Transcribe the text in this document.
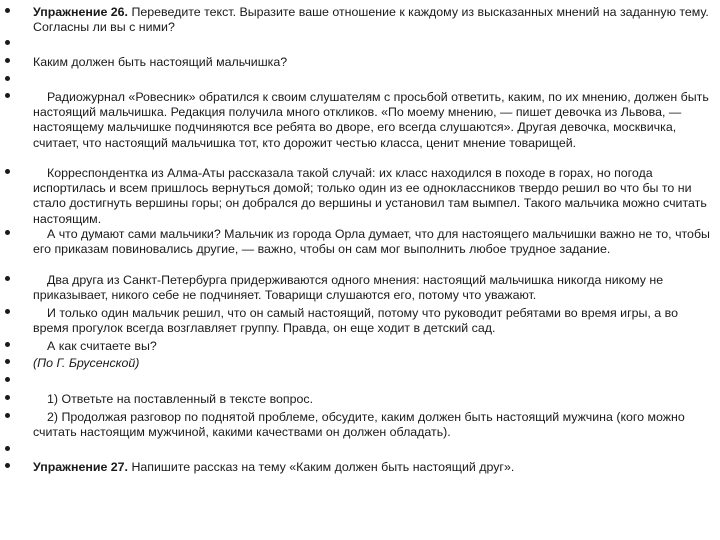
Упражнение 26. Переведите текст. Выразите ваше отношение к каждому из высказанных мнений на заданную тему. Согласны ли вы с ними?

Каким должен быть настоящий мальчишка?

Радиожурнал «Ровесник» обратился к своим слушателям с просьбой ответить, каким, по их мнению, должен быть настоящий мальчишка. Редакция получила много откликов. «По моему мнению, — пишет девочка из Львова, — настоящему мальчишке подчиняются все ребята во дворе, его всегда слушаются». Другая девочка, москвичка, считает, что настоящий мальчишка тот, кто дорожит честью класса, ценит мнение товарищей.

Корреспондентка из Алма-Аты рассказала такой случай: их класс находился в походе в горах, но погода испортилась и всем пришлось вернуться домой; только один из ее одноклассников твердо решил во что бы то ни стало достигнуть вершины горы; он добрался до вершины и установил там вымпел. Такого мальчика можно считать настоящим.

А что думают сами мальчики? Мальчик из города Орла думает, что для настоящего мальчишки важно не то, чтобы его приказам повиновались другие, — важно, чтобы он сам мог выполнить любое трудное задание.

Два друга из Санкт-Петербурга придерживаются одного мнения: настоящий мальчишка никогда никому не приказывает, никого себе не подчиняет. Товарищи слушаются его, потому что уважают.

И только один мальчик решил, что он самый настоящий, потому что руководит ребятами во время игры, а во время прогулок всегда возглавляет группу. Правда, он еще ходит в детский сад.

А как считаете вы?

(По Г. Брусенской)

1) Ответьте на поставленный в тексте вопрос.

2) Продолжая разговор по поднятой проблеме, обсудите, каким должен быть настоящий мужчина (кого можно считать настоящим мужчиной, какими качествами он должен обладать).

Упражнение 27. Напишите рассказ на тему «Каким должен быть настоящий друг».
